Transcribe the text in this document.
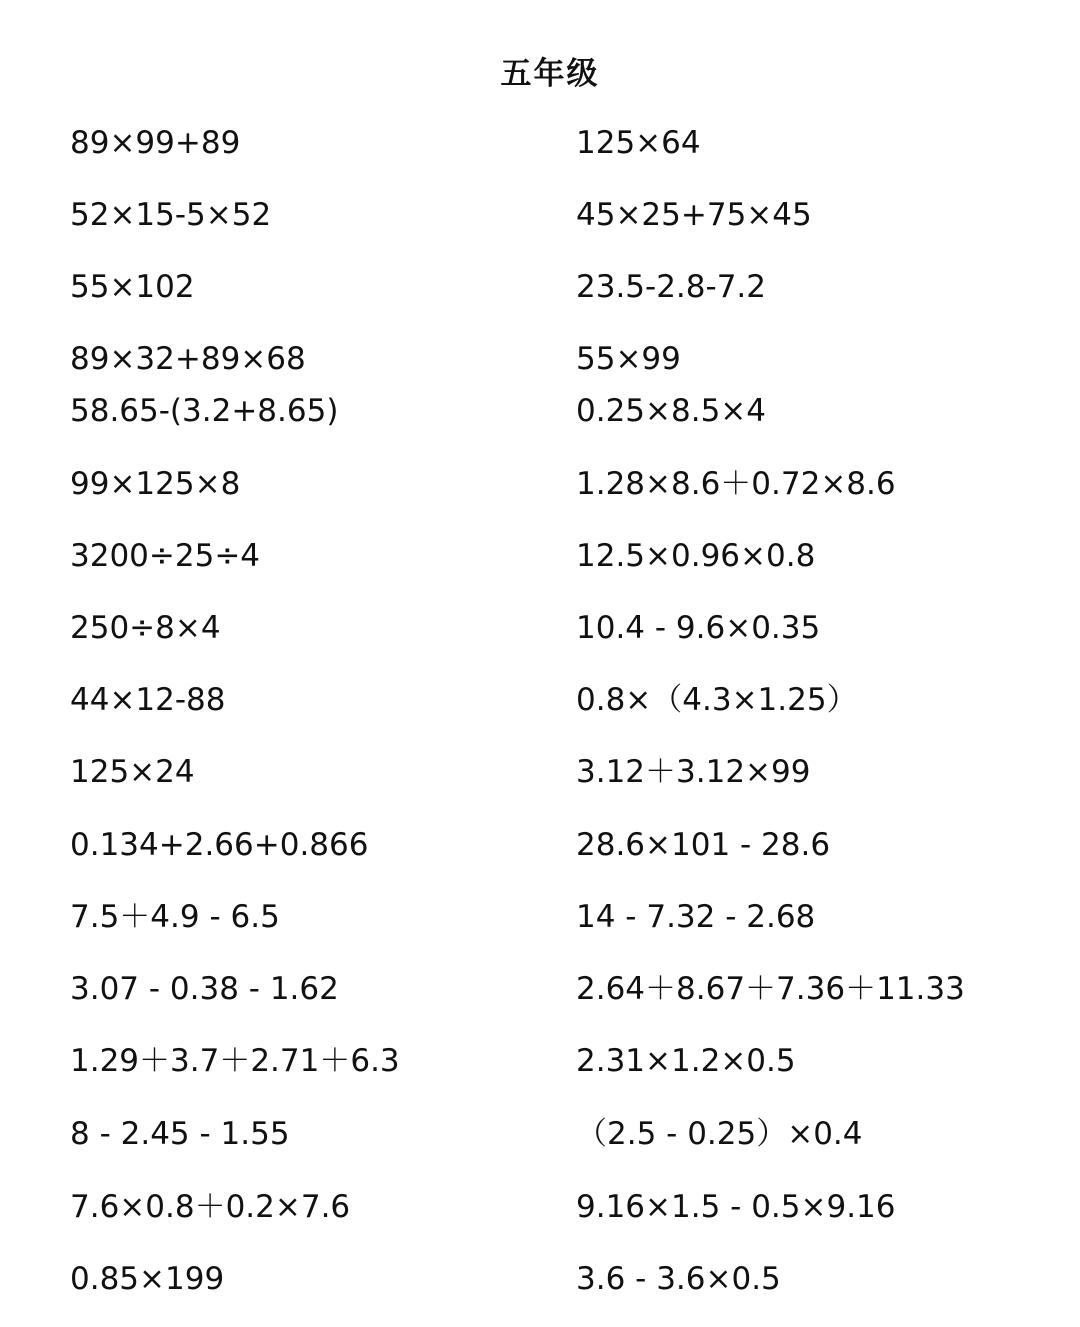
五年级
89×99+89	125×64
52×15-5×52	45×25+75×45
55×102	23.5-2.8-7.2
89×32+89×68	55×99
58.65-(3.2+8.65)	0.25×8.5×4
99×125×8	1.28×8.6＋0.72×8.6
3200÷25÷4	12.5×0.96×0.8
250÷8×4	10.4 - 9.6×0.35
44×12-88	0.8×（4.3×1.25）
125×24	3.12＋3.12×99
0.134+2.66+0.866	28.6×101 - 28.6
7.5＋4.9 - 6.5	14 - 7.32 - 2.68
3.07 - 0.38 - 1.62	2.64＋8.67＋7.36＋11.33
1.29＋3.7＋2.71＋6.3	2.31×1.2×0.5
8 - 2.45 - 1.55	（2.5 - 0.25）×0.4
7.6×0.8＋0.2×7.6	9.16×1.5 - 0.5×9.16
0.85×199	3.6 - 3.6×0.5
